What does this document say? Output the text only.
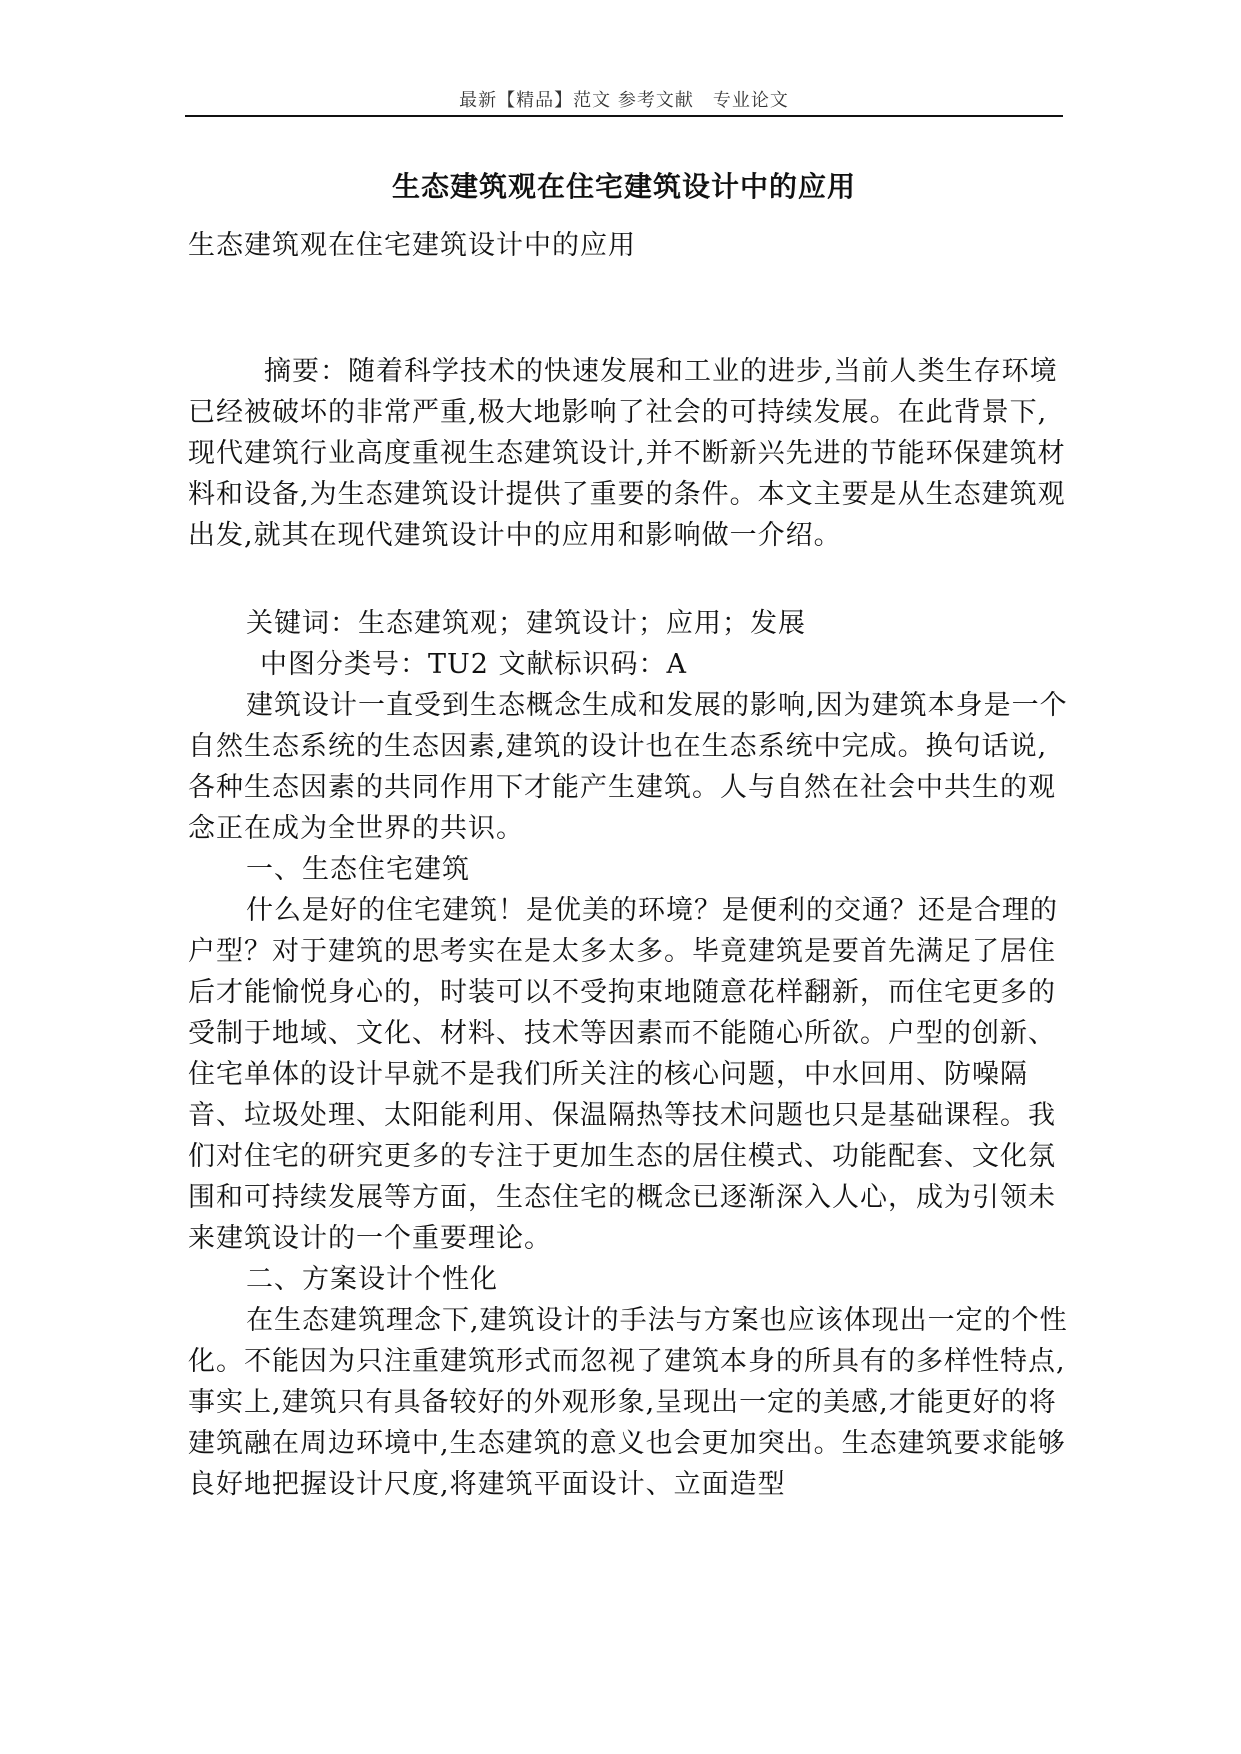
最新【精品】范文 参考文献　专业论文
生态建筑观在住宅建筑设计中的应用

生态建筑观在住宅建筑设计中的应用

摘要：随着科学技术的快速发展和工业的进步,当前人类生存环境已经被破坏的非常严重,极大地影响了社会的可持续发展。在此背景下,现代建筑行业高度重视生态建筑设计,并不断新兴先进的节能环保建筑材料和设备,为生态建筑设计提供了重要的条件。本文主要是从生态建筑观出发,就其在现代建筑设计中的应用和影响做一介绍。

关键词：生态建筑观；建筑设计；应用；发展

中图分类号：TU2 文献标识码：A

建筑设计一直受到生态概念生成和发展的影响,因为建筑本身是一个自然生态系统的生态因素,建筑的设计也在生态系统中完成。换句话说,各种生态因素的共同作用下才能产生建筑。人与自然在社会中共生的观念正在成为全世界的共识。

一、生态住宅建筑

什么是好的住宅建筑！是优美的环境？是便利的交通？还是合理的户型？对于建筑的思考实在是太多太多。毕竟建筑是要首先满足了居住后才能愉悦身心的，时装可以不受拘束地随意花样翻新，而住宅更多的受制于地域、文化、材料、技术等因素而不能随心所欲。户型的创新、住宅单体的设计早就不是我们所关注的核心问题，中水回用、防噪隔音、垃圾处理、太阳能利用、保温隔热等技术问题也只是基础课程。我们对住宅的研究更多的专注于更加生态的居住模式、功能配套、文化氛围和可持续发展等方面，生态住宅的概念已逐渐深入人心，成为引领未来建筑设计的一个重要理论。

二、方案设计个性化

在生态建筑理念下,建筑设计的手法与方案也应该体现出一定的个性化。不能因为只注重建筑形式而忽视了建筑本身的所具有的多样性特点,事实上,建筑只有具备较好的外观形象,呈现出一定的美感,才能更好的将建筑融在周边环境中,生态建筑的意义也会更加突出。生态建筑要求能够良好地把握设计尺度,将建筑平面设计、立面造型
